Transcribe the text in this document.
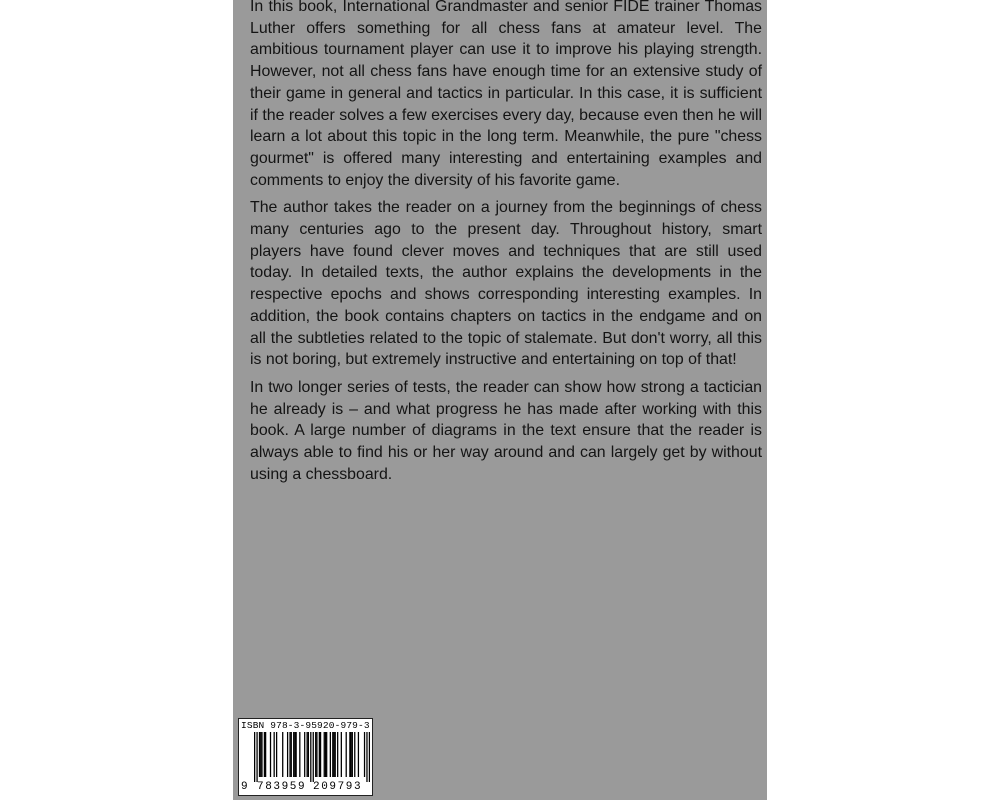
In this book, International Grandmaster and senior FIDE trainer Thomas Luther offers something for all chess fans at amateur level. The ambitious tournament player can use it to improve his playing strength. However, not all chess fans have enough time for an extensive study of their game in general and tactics in particular. In this case, it is sufficient if the reader solves a few exercises every day, because even then he will learn a lot about this topic in the long term. Meanwhile, the pure "chess gourmet" is offered many interesting and entertaining examples and comments to enjoy the diversity of his favorite game.

The author takes the reader on a journey from the beginnings of chess many centuries ago to the present day. Throughout history, smart players have found clever moves and techniques that are still used today. In detailed texts, the author explains the developments in the respective epochs and shows corresponding interesting examples. In addition, the book contains chapters on tactics in the endgame and on all the subtleties related to the topic of stalemate. But don't worry, all this is not boring, but extremely instructive and entertaining on top of that!

In two longer series of tests, the reader can show how strong a tactician he already is – and what progress he has made after working with this book. A large number of diagrams in the text ensure that the reader is always able to find his or her way around and can largely get by without using a chessboard.

ISBN 978-3-95920-979-3
9 783959 209793
